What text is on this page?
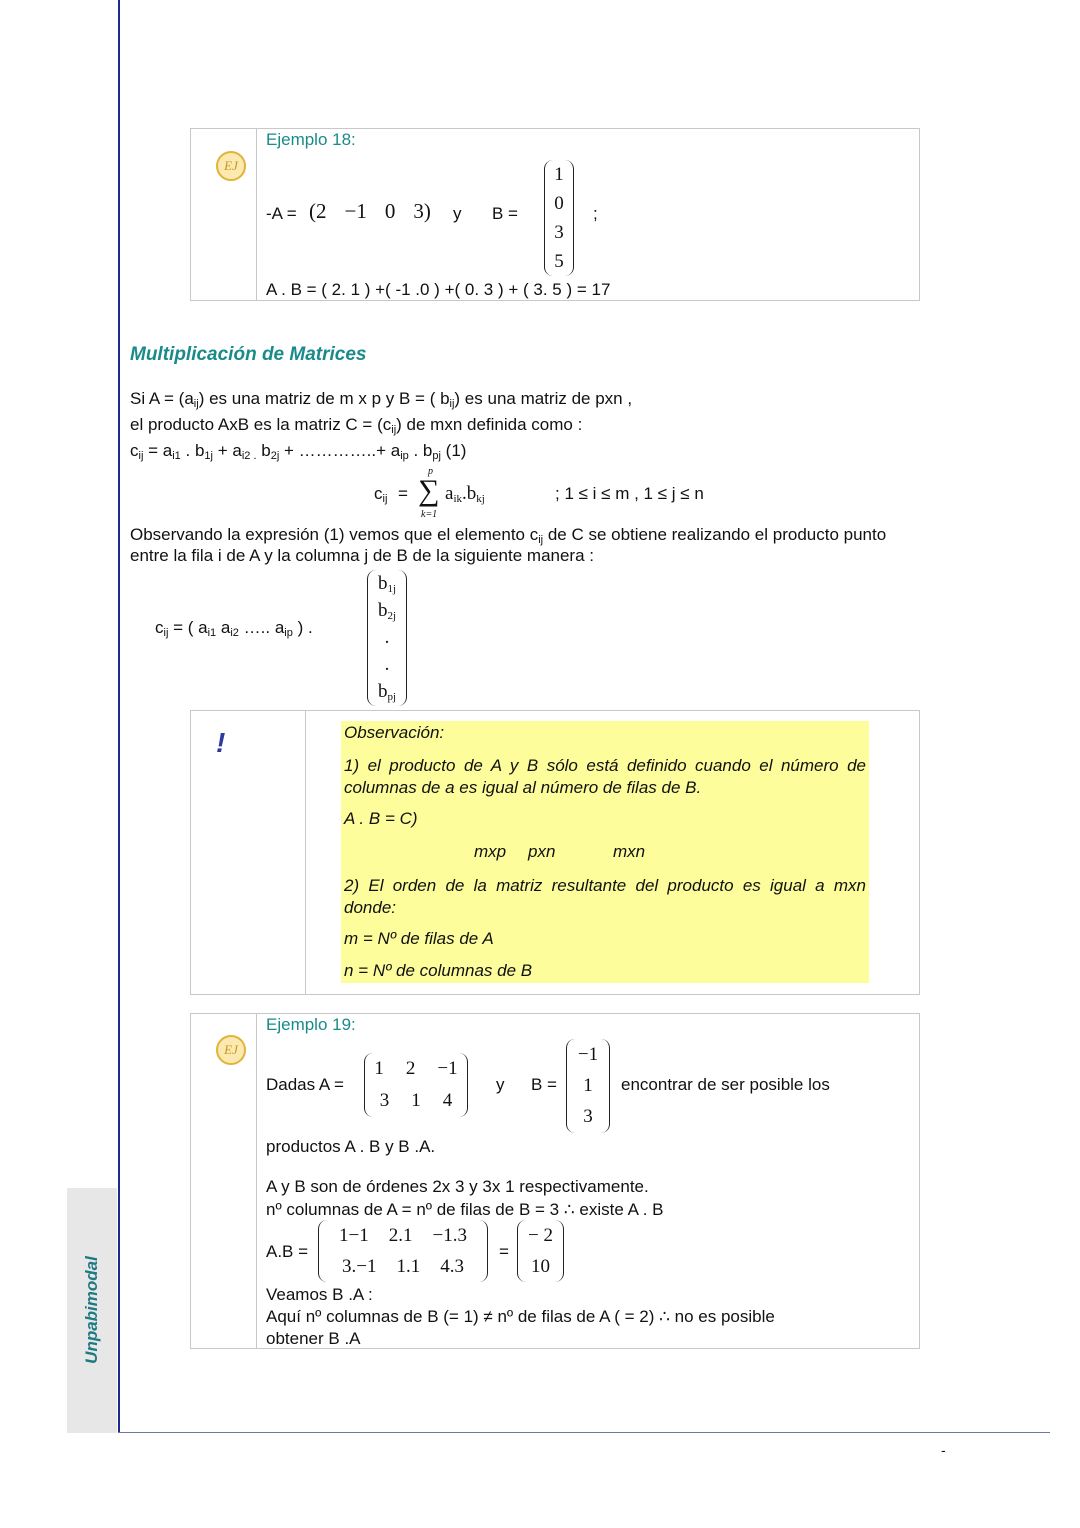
Unpabimodal
-
EJ
Ejemplo 18:
-A = (2 −1 0 3) y B =
1
0
3
5
;
A . B = ( 2. 1 ) +( -1 .0 ) +( 0. 3 ) + ( 3. 5 ) = 17
Multiplicación de Matrices
Si $A = (a_{ij})$ es una matriz de m x p y B = ( $b_{ij}$) es una matriz de pxn ,
el producto AxB es la matriz $C = (c_{ij})$ de mxn definida como :
$c_{ij} = a_{i1}$ . $b_{1j} + a_{i2 .}$ $b_{2j}$ + …………..+ $a_{ip}$ . $b_{pj}$ (1)
$c_{ij}$ =
p
∑
k=1
$a_{ik}.b_{kj}$	; 1 ≤ i ≤ m , 1 ≤ j ≤ n
Observando la expresión (1) vemos que el elemento $c_{ij}$ de C se obtiene realizando el producto punto
entre la fila i de A y la columna j de B de la siguiente manera :
$c_{ij}$ = ( $a_{i1}$ $a_{i2}$ ….. $a_{ip}$ ) .
$b_{1j}$
$b_{2j}$
.
.
$b_{pj}$
!	Observación:
1) el producto de A y B sólo está definido cuando el número de columnas de a es igual al número de filas de B.
A . B = C)
mxp pxn	mxn
2) El orden de la matriz resultante del producto es igual a mxn donde:
m = Nº de filas de A
n = Nº de columnas de B
EJ
Ejemplo 19:
Dadas A =
1 2 −1
3 1 4
y B =
−1
1
3
encontrar de ser posible los
productos A . B y B .A.
A y B son de órdenes 2x 3 y 3x 1 respectivamente.
nº columnas de A = nº de filas de B = 3 ∴ existe A . B
A.B =
1−1 2.1 −1.3
3.−1 1.1 4.3
=
− 2
10
Veamos B .A :
Aquí nº columnas de B (= 1) ≠ nº de filas de A ( = 2) ∴ no es posible
obtener B .A
